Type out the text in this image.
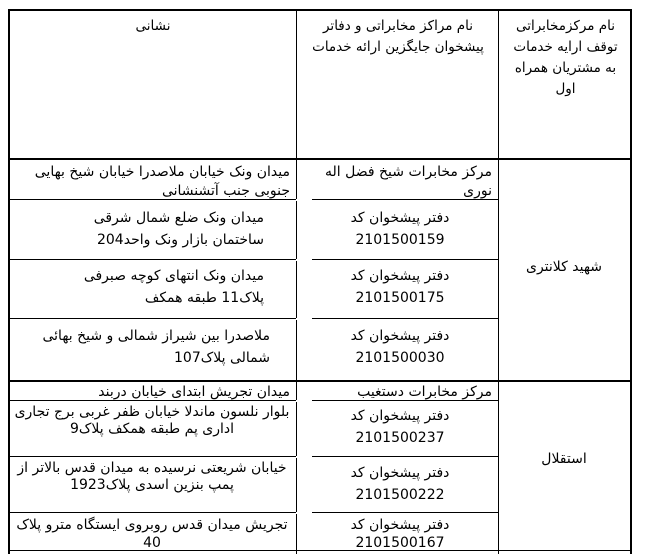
نام مرکزمخابراتی توقف ارایه خدمات به مشتریان همراه اول
نام مراکز مخابراتی و دفاتر پیشخوان جایگزین ارائه خدمات
نشانی
شهید کلانتری
مرکز مخابرات شیخ فضل اله نوری
میدان ونک خیابان ملاصدرا خیابان شیخ بهایی جنوبی جنب آتشنشانی
دفتر پیشخوان کد 2101500159
میدان ونک ضلع شمال شرقی ساختمان بازار ونک واحد204
دفتر پیشخوان کد 2101500175
میدان ونک انتهای کوچه صبرفی پلاک11 طبقه همکف
دفتر پیشخوان کد 2101500030
ملاصدرا بین شیراز شمالی و شیخ بهائی شمالی پلاک107
استقلال
مرکز مخابرات دستغیب
میدان تجریش ابتدای خیابان دربند
دفتر پیشخوان کد 2101500237
بلوار نلسون ماندلا خیابان ظفر غربی برج تجاری اداری پم طبقه همکف پلاک9
دفتر پیشخوان کد 2101500222
خیابان شریعتی نرسیده به میدان قدس بالاتر از پمپ بنزین اسدی پلاک1923
دفتر پیشخوان کد 2101500167
تجریش میدان قدس روبروی ایستگاه مترو پلاک 40
